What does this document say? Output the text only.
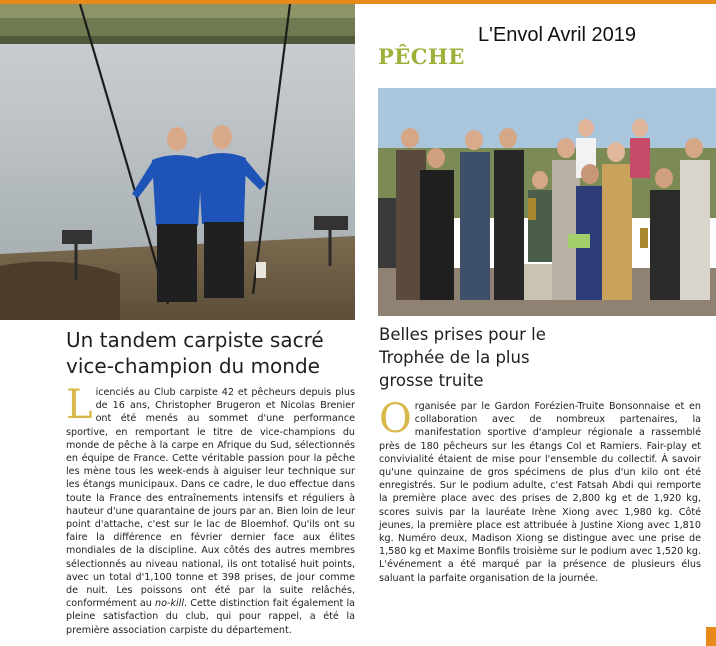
L'Envol Avril 2019
PÊCHE
Un tandem carpiste sacré vice-champion du monde
Belles prises pour le Trophée de la plus grosse truite

Licenciés au Club carpiste 42 et pêcheurs depuis plus de 16 ans, Christopher Brugeron et Nicolas Brenier ont été menés au sommet d'une performance sportive, en remportant le titre de vice-champions du monde de pêche à la carpe en Afrique du Sud, sélectionnés en équipe de France. Cette véritable passion pour la pêche les mène tous les week-ends à aiguiser leur technique sur les étangs municipaux. Dans ce cadre, le duo effectue dans toute la France des entraînements intensifs et réguliers à hauteur d'une quarantaine de jours par an. Bien loin de leur point d'attache, c'est sur le lac de Bloemhof. Qu'ils ont su faire la différence en février dernier face aux élites mondiales de la discipline. Aux côtés des autres membres sélectionnés au niveau national, ils ont totalisé huit points, avec un total d'1,100 tonne et 398 prises, de jour comme de nuit. Les poissons ont été par la suite relâchés, conformément au no-kill. Cette distinction fait également la pleine satisfaction du club, qui pour rappel, a été la première association carpiste du département.

Organisée par le Gardon Forézien-Truite Bonsonnaise et en collaboration avec de nombreux partenaires, la manifestation sportive d'ampleur régionale a rassemblé près de 180 pêcheurs sur les étangs Col et Ramiers. Fair-play et convivialité étaient de mise pour l'ensemble du collectif. À savoir qu'une quinzaine de gros spécimens de plus d'un kilo ont été enregistrés. Sur le podium adulte, c'est Fatsah Abdi qui remporte la première place avec des prises de 2,800 kg et de 1,920 kg, scores suivis par la lauréate Irène Xiong avec 1,980 kg. Côté jeunes, la première place est attribuée à Justine Xiong avec 1,810 kg. Numéro deux, Madison Xiong se distingue avec une prise de 1,580 kg et Maxime Bonfils troisième sur le podium avec 1,520 kg. L'événement a été marqué par la présence de plusieurs élus saluant la parfaite organisation de la journée.
